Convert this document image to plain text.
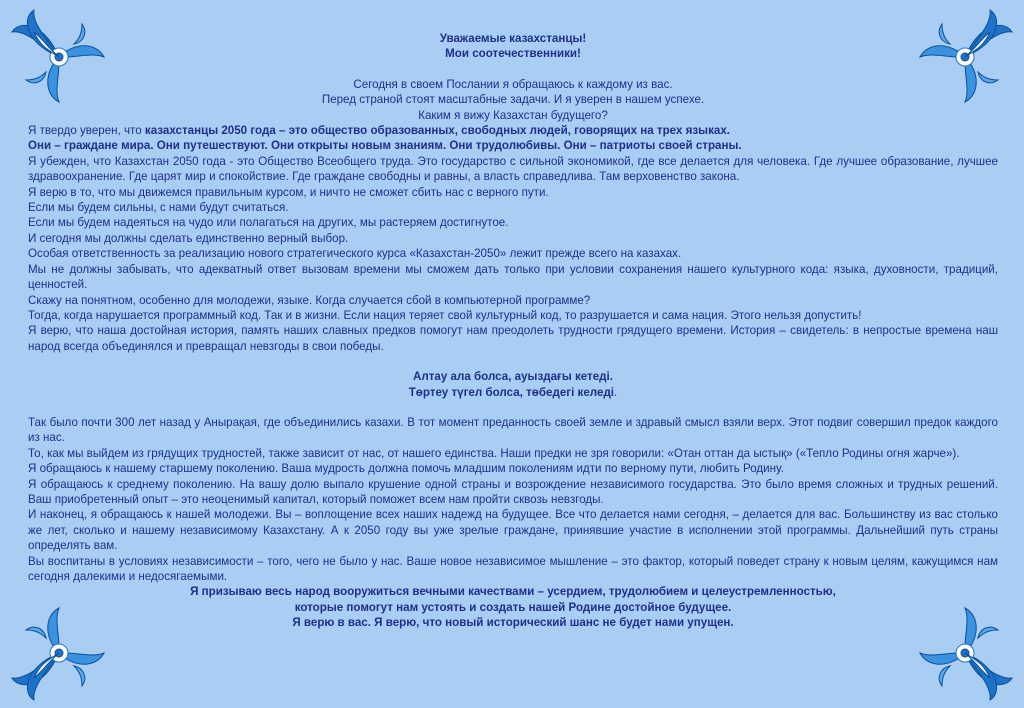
Уважаемые казахстанцы!
Мои соотечественники!
Сегодня в своем Послании я обращаюсь к каждому из вас.
Перед страной стоят масштабные задачи. И я уверен в нашем успехе.
Каким я вижу Казахстан будущего?
Я твердо уверен, что казахстанцы 2050 года – это общество образованных, свободных людей, говорящих на трех языках.
Они – граждане мира. Они путешествуют. Они открыты новым знаниям. Они трудолюбивы. Они – патриоты своей страны.
Я убежден, что Казахстан 2050 года - это Общество Всеобщего труда. Это государство с сильной экономикой, где все делается для человека. Где лучшее образование, лучшее здравоохранение. Где царят мир и спокойствие. Где граждане свободны и равны, а власть справедлива. Там верховенство закона.
Я верю в то, что мы движемся правильным курсом, и ничто не сможет сбить нас с верного пути.
Если мы будем сильны, с нами будут считаться.
Если мы будем надеяться на чудо или полагаться на других, мы растеряем достигнутое.
И сегодня мы должны сделать единственно верный выбор.
Особая ответственность за реализацию нового стратегического курса «Казахстан-2050» лежит прежде всего на казахах.
Мы не должны забывать, что адекватный ответ вызовам времени мы сможем дать только при условии сохранения нашего культурного кода: языка, духовности, традиций, ценностей.
Скажу на понятном, особенно для молодежи, языке. Когда случается сбой в компьютерной программе?
Тогда, когда нарушается программный код. Так и в жизни. Если нация теряет свой культурный код, то разрушается и сама нация. Этого нельзя допустить!
Я верю, что наша достойная история, память наших славных предков помогут нам преодолеть трудности грядущего времени. История – свидетель: в непростые времена наш народ всегда объединялся и превращал невзгоды в свои победы.
Алтау ала болса, ауыздағы кетеді.
Төртеу түгел болса, төбедегі келеді.
Так было почти 300 лет назад у Анырақая, где объединились казахи. В тот момент преданность своей земле и здравый смысл взяли верх. Этот подвиг совершил предок каждого из нас.
То, как мы выйдем из грядущих трудностей, также зависит от нас, от нашего единства. Наши предки не зря говорили: «Отан оттан да ыстық» («Тепло Родины огня жарче»).
Я обращаюсь к нашему старшему поколению. Ваша мудрость должна помочь младшим поколениям идти по верному пути, любить Родину.
Я обращаюсь к среднему поколению. На вашу долю выпало крушение одной страны и возрождение независимого государства. Это было время сложных и трудных решений. Ваш приобретенный опыт – это неоценимый капитал, который поможет всем нам пройти сквозь невзгоды.
И наконец, я обращаюсь к нашей молодежи. Вы – воплощение всех наших надежд на будущее. Все что делается нами сегодня, – делается для вас. Большинству из вас столько же лет, сколько и нашему независимому Казахстану. А к 2050 году вы уже зрелые граждане, принявшие участие в исполнении этой программы. Дальнейший путь страны определять вам.
Вы воспитаны в условиях независимости – того, чего не было у нас. Ваше новое независимое мышление – это фактор, который поведет страну к новым целям, кажущимся нам сегодня далекими и недосягаемыми.
Я призываю весь народ вооружиться вечными качествами – усердием, трудолюбием и целеустремленностью,
которые помогут нам устоять и создать нашей Родине достойное будущее.
Я верю в вас. Я верю, что новый исторический шанс не будет нами упущен.
